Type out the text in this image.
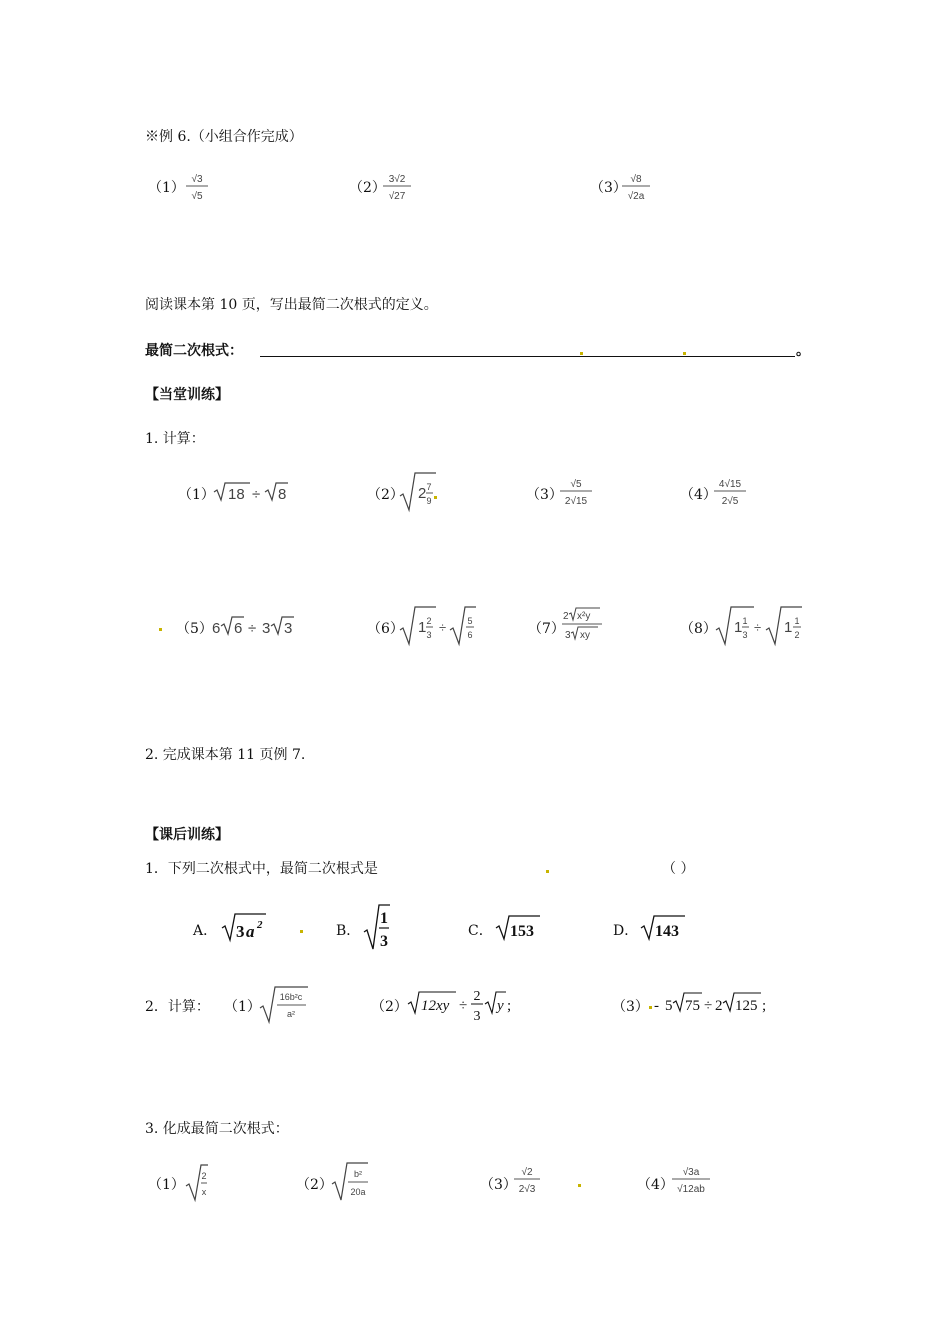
※例 6.（小组合作完成）
（1）
√3
√5
（2）
3√2
√27
（3）
√8
√2a
阅读课本第 10 页，写出最简二次根式的定义。
最简二次根式：	。
【当堂训练】
1. 计算：
（1） 18 ÷ 8	（2） 2 7
9	（3）
√5
2√15	（4）
4√15
2√5
（5） 6 6 ÷ 3 3	（6） 1 2
3 ÷ 5
6	（7）
2 x²y
3 xy	（8） 1 1
3 ÷ 1 1
2
2. 完成课本第 11 页例 7.
【课后训练】
1．下列二次根式中，最简二次根式是	（ ）
A． 3 a 2	B．
1
3
C． 153	D． 143
2．计算： （1）
16b²c
a²	（2） 12xy ÷
2
3
y ;	（3） - 5 75 ÷ 2 125 ;
3. 化成最简二次根式：
（1）
2
x	（2）
b²
20a	（3）
√2
2√3	（4）
√3a
√12ab
